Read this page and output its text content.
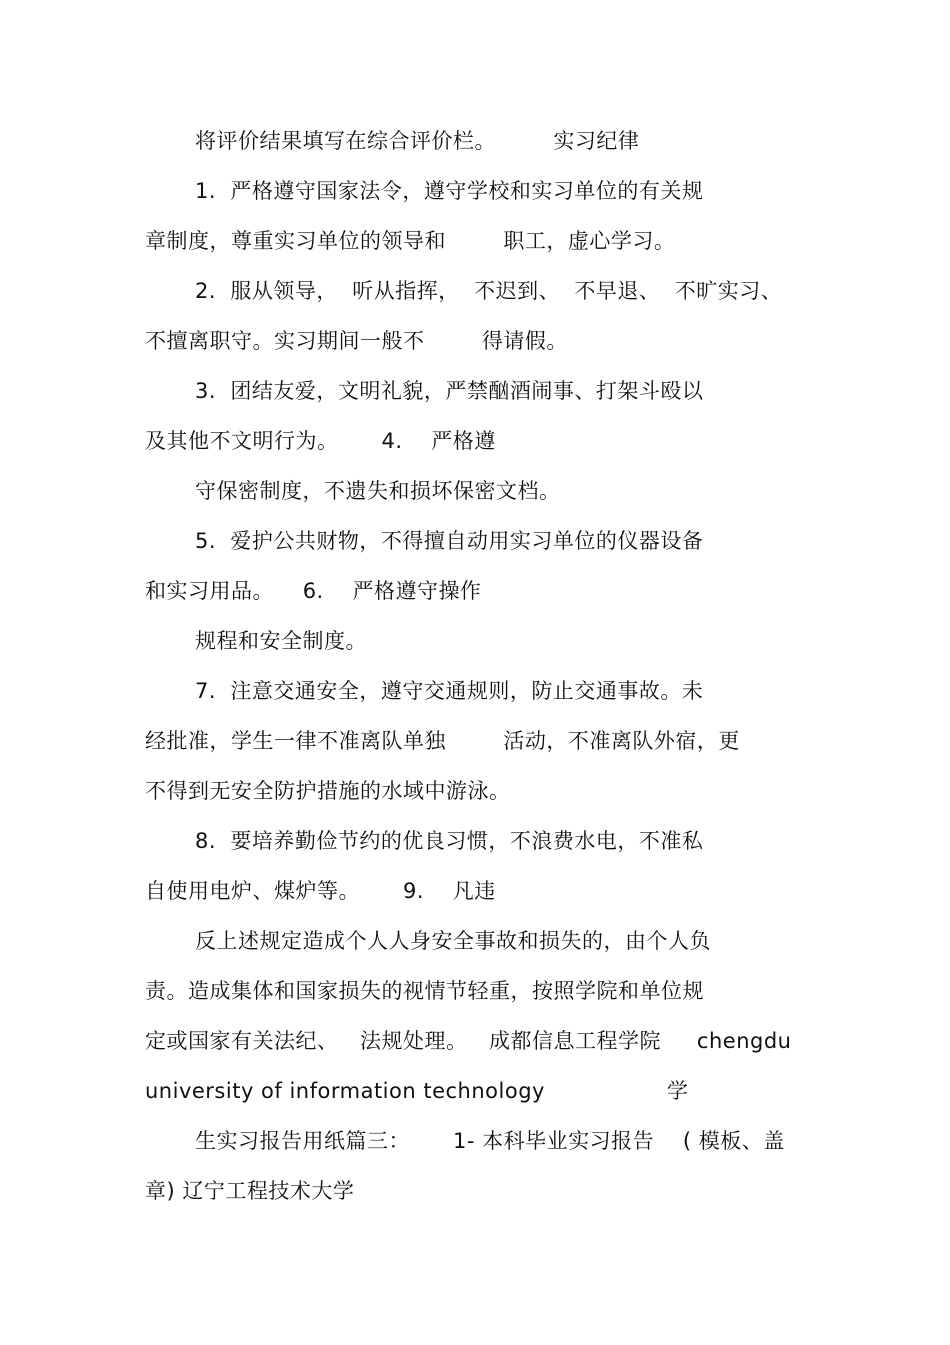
将评价结果填写在综合评价栏。        实习纪律
1.  严格遵守国家法令，遵守学校和实习单位的有关规
章制度，尊重实习单位的领导和        职工，虚心学习。
2.  服从领导，  听从指挥，  不迟到、  不早退、  不旷实习、
不擅离职守。实习期间一般不        得请假。
3.  团结友爱，文明礼貌，严禁酗酒闹事、打架斗殴以
及其他不文明行为。      4.    严格遵
守保密制度，不遗失和损坏保密文档。
5.  爱护公共财物，不得擅自动用实习单位的仪器设备
和实习用品。    6.    严格遵守操作
规程和安全制度。
7.  注意交通安全，遵守交通规则，防止交通事故。未
经批准，学生一律不准离队单独        活动，不准离队外宿，更
不得到无安全防护措施的水域中游泳。
8.  要培养勤俭节约的优良习惯，不浪费水电，不准私
自使用电炉、煤炉等。      9.    凡违
反上述规定造成个人人身安全事故和损失的，由个人负
责。造成集体和国家损失的视情节轻重，按照学院和单位规
定或国家有关法纪、   法规处理。   成都信息工程学院     chengdu
university of information technology                 学
生实习报告用纸篇三：      1- 本科毕业实习报告    ( 模板、盖
章) 辽宁工程技术大学
